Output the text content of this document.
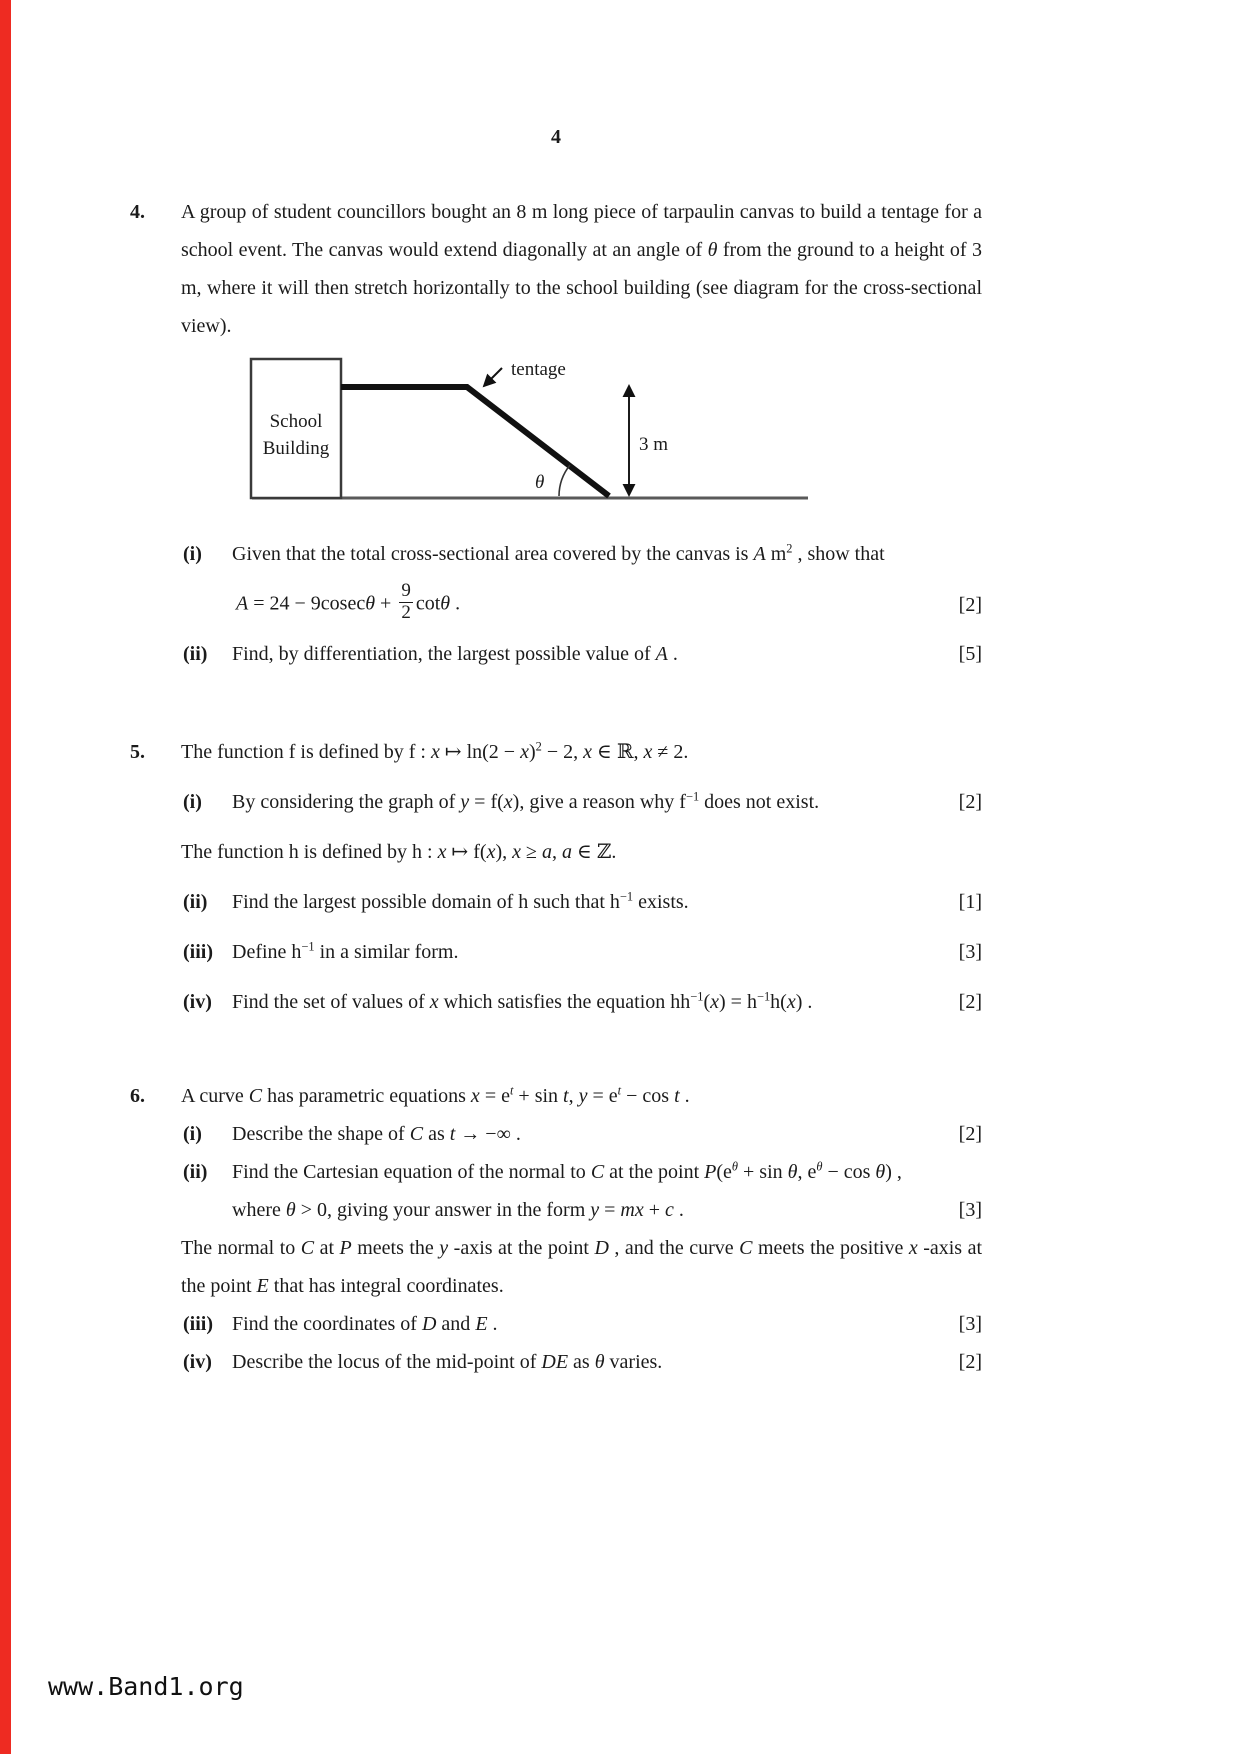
4
4.	A group of student councillors bought an 8 m long piece of tarpaulin canvas to build a tentage for a school event. The canvas would extend diagonally at an angle of θ from the ground to a height of 3 m, where it will then stretch horizontally to the school building (see diagram for the cross-sectional view).
School
Building
tentage
θ
3 m
(i)	Given that the total cross-sectional area covered by the canvas is A $m^2$ , show that
$A = 24 - 9cosec\theta + \frac{9}{2}$ cotθ .	[2]
(ii)	Find, by differentiation, the largest possible value of A .	[5]
5.	The function f is defined by f : x ↦ $\ln(2 - x)^2 - 2$, x ∈ ℝ, x ≠ 2.
(i)	By considering the graph of y = f(x), give a reason why $f^{-1}$ does not exist.	[2]
The function h is defined by h : x ↦ f(x), x ≥ a, a ∈ ℤ.
(ii)	Find the largest possible domain of h such that $h^{-1}$ exists.	[1]
(iii) Define $h^{-1}$ in a similar form.	[3]
(iv)	Find the set of values of x which satisfies the equation $hh^{-1}(x) = h^{-1}h(x)$ .	[2]
6.	A curve C has parametric equations $x = e^t + \sin t$, $y = e^t - \cos t$ .
(i)	Describe the shape of C as t → −∞ .	[2]
(ii)	Find the Cartesian equation of the normal to C at the point $P(e^\theta + \sin \theta$, $e^\theta - \cos \theta$) ,
where θ > 0, giving your answer in the form y = mx + c .	[3]
The normal to C at P meets the y -axis at the point D , and the curve C meets the positive x -axis at the point E that has integral coordinates.
(iii) Find the coordinates of D and E .	[3]
(iv)	Describe the locus of the mid-point of DE as θ varies.	[2]
www.Band1.org
